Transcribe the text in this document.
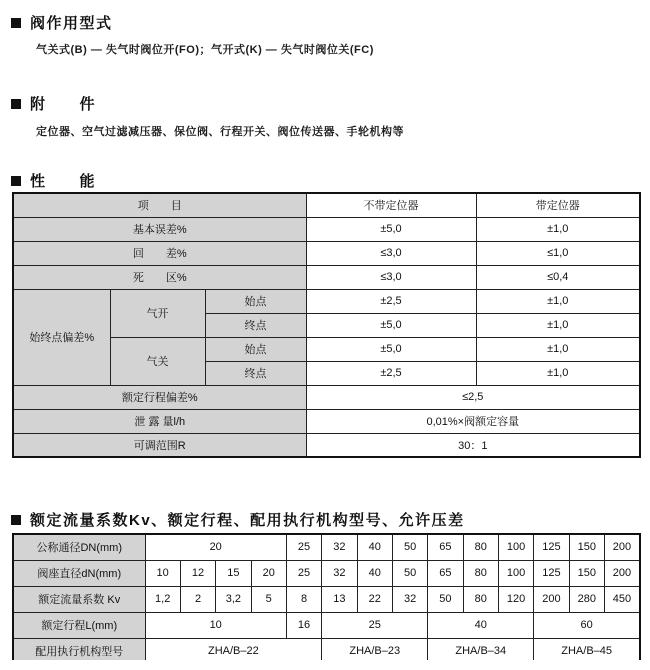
阀作用型式
气关式(B) — 失气时阀位开(FO)；气开式(K) — 失气时阀位关(FC)
附　　件
定位器、空气过滤减压器、保位阀、行程开关、阀位传送器、手轮机构等
性　　能
项　　目			不带定位器	带定位器
基本误差%			±5,0	±1,0
回　　差%			≤3,0	≤1,0
死　　区%			≤3,0	≤0,4
始终点偏差%	气开	始点	±2,5	±1,0
		终点	±5,0	±1,0
	气关	始点	±5,0	±1,0
		终点	±2,5	±1,0
额定行程偏差%			≤2,5	
泄 露 量l/h			0,01%×阀额定容量	
可调范围R			30：1	
额定流量系数Kv、额定行程、配用执行机构型号、允许压差
公称通径DN(mm)	20				25	32	40	50	65	80	100	125	150	200
阀座直径dN(mm)	10	12	15	20	25	32	40	50	65	80	100	125	150	200
额定流量系数 Kv	1,2	2	3,2	5	8	13	22	32	50	80	120	200	280	450
额定行程L(mm)	10				16	25			40			60		
配用执行机构型号	ZHA/B–22					ZHA/B–23			ZHA/B–34			ZHA/B–45		
